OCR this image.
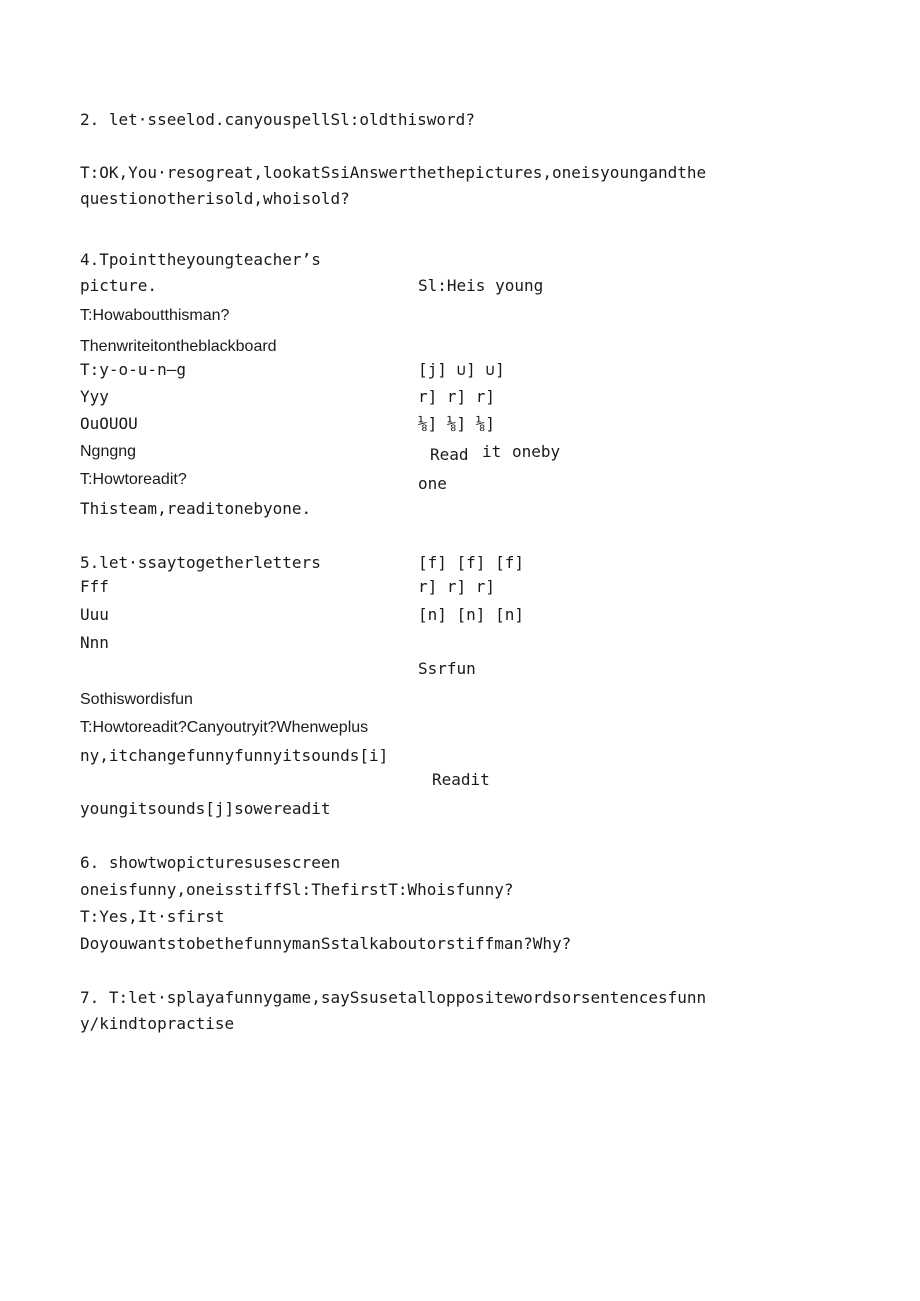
2. let·sseelod.canyouspellSl:oldthisword?
T:OK,You·resogreat,lookatSsiAnswerthethepictures,oneisyoungandthe
questionotherisold,whoisold?
4.Tpointtheyoungteacher’s
picture.	Sl:Heis young
T:Howaboutthisman?
Thenwriteitontheblackboard
T:y-o-u-n—g	[j] ∪] ∪]
Yyy	r] r] r]
OuOUOU	⅛] ⅛] ⅛]
Ngngng	Read it oneby
T:Howtoreadit?	one
Thisteam,readitonebyone.
5.let·ssaytogetherletters	[f] [f] [f]
Fff	r] r] r]
Uuu	[n] [n] [n]
Nnn
Ssrfun
Sothiswordisfun
T:Howtoreadit?Canyoutryit?Whenweplus
ny,itchangefunnyfunnyitsounds[i]
Readit
youngitsounds[j]sowereadit
6. showtwopicturesusescreen
oneisfunny,oneisstiffSl:ThefirstT:Whoisfunny?
T:Yes,It·sfirst
DoyouwantstobethefunnymanSstalkaboutorstiffman?Why?
7. T:let·splayafunnygame,saySsusetalloppositewordsorsentencesfunn
y/kindtopractise
